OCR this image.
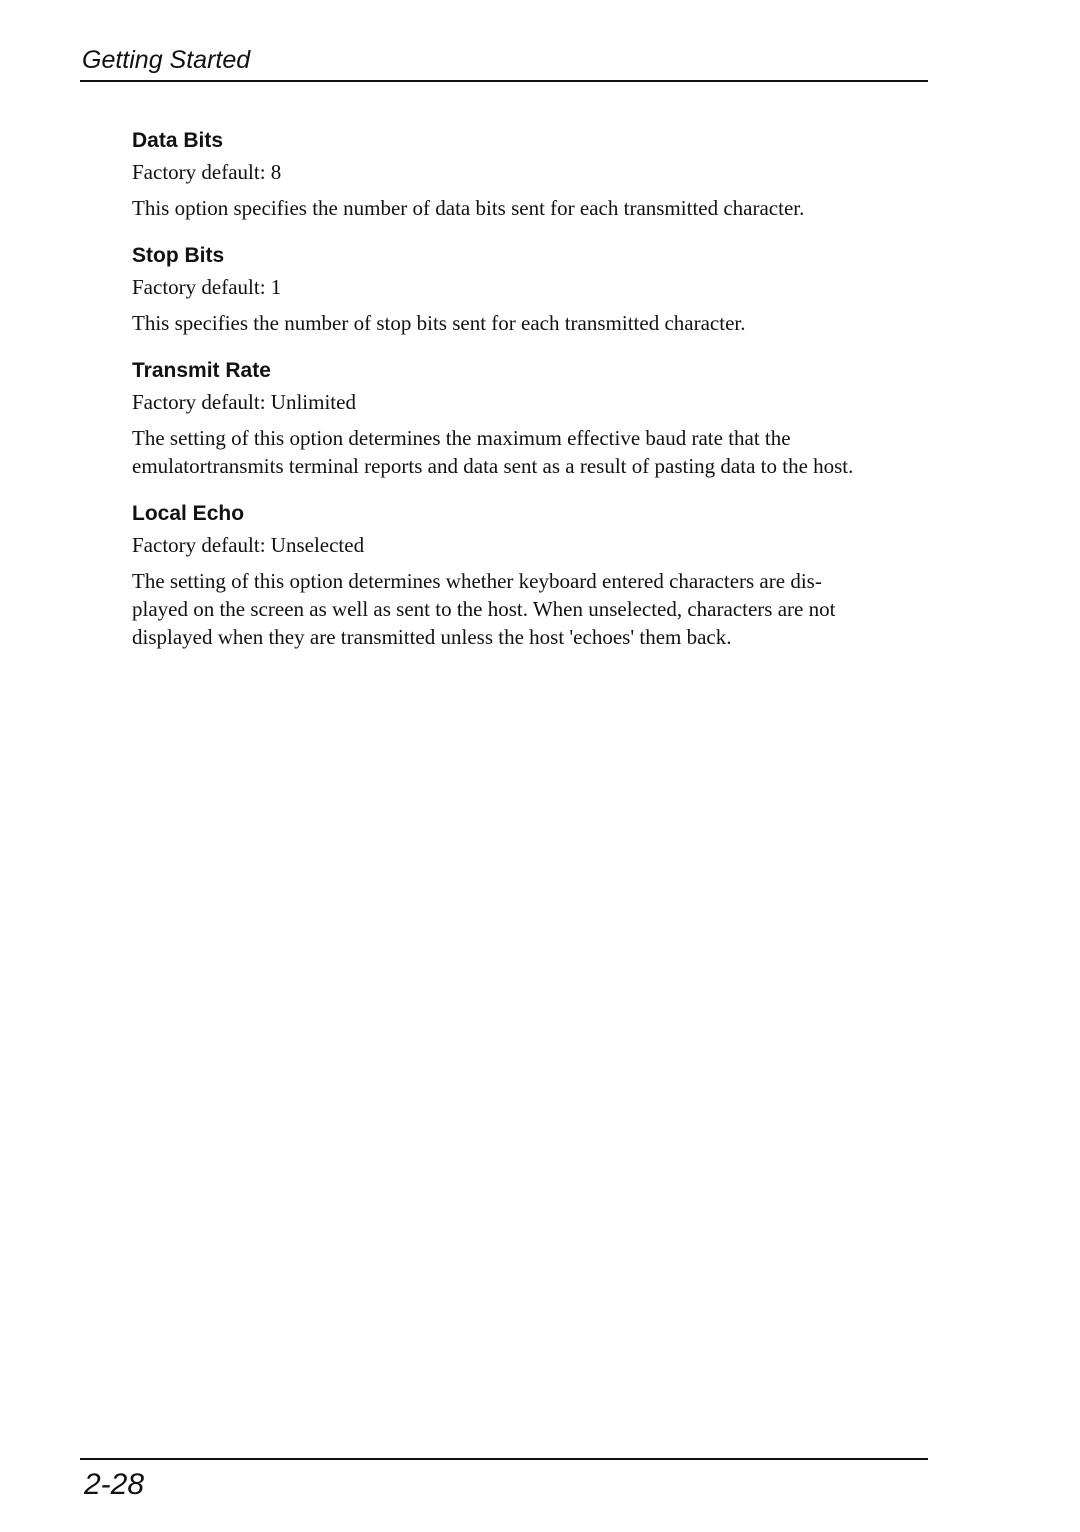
Getting Started
Data Bits

Factory default: 8

This option specifies the number of data bits sent for each transmitted character.

Stop Bits

Factory default: 1

This specifies the number of stop bits sent for each transmitted character.

Transmit Rate

Factory default: Unlimited

The setting of this option determines the maximum effective baud rate that the
emulatortransmits terminal reports and data sent as a result of pasting data to the host.
Local Echo

Factory default: Unselected

The setting of this option determines whether keyboard entered characters are dis-
played on the screen as well as sent to the host. When unselected, characters are not
displayed when they are transmitted unless the host 'echoes' them back.
2-28
